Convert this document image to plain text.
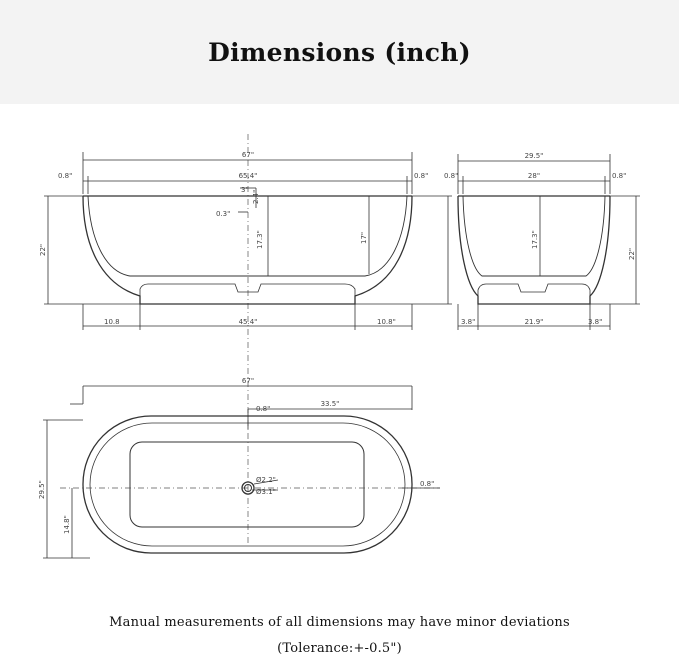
Dimensions (inch)
67"
0.8"	65.4"	0.8"
3" 2.4"
0.3"
17.3"	17"
22"
10.8	45.4"	10.8"
29.5"
0.8"	28"	0.8"
17.3"
22"
3.8"	21.9"	3.8"
67"
0.8"
33.5"
Ø2.2"
Ø3.1"
0.8"
29.5"
14.8"
Manual measurements of all dimensions may have minor deviations
(Tolerance:+-0.5")
